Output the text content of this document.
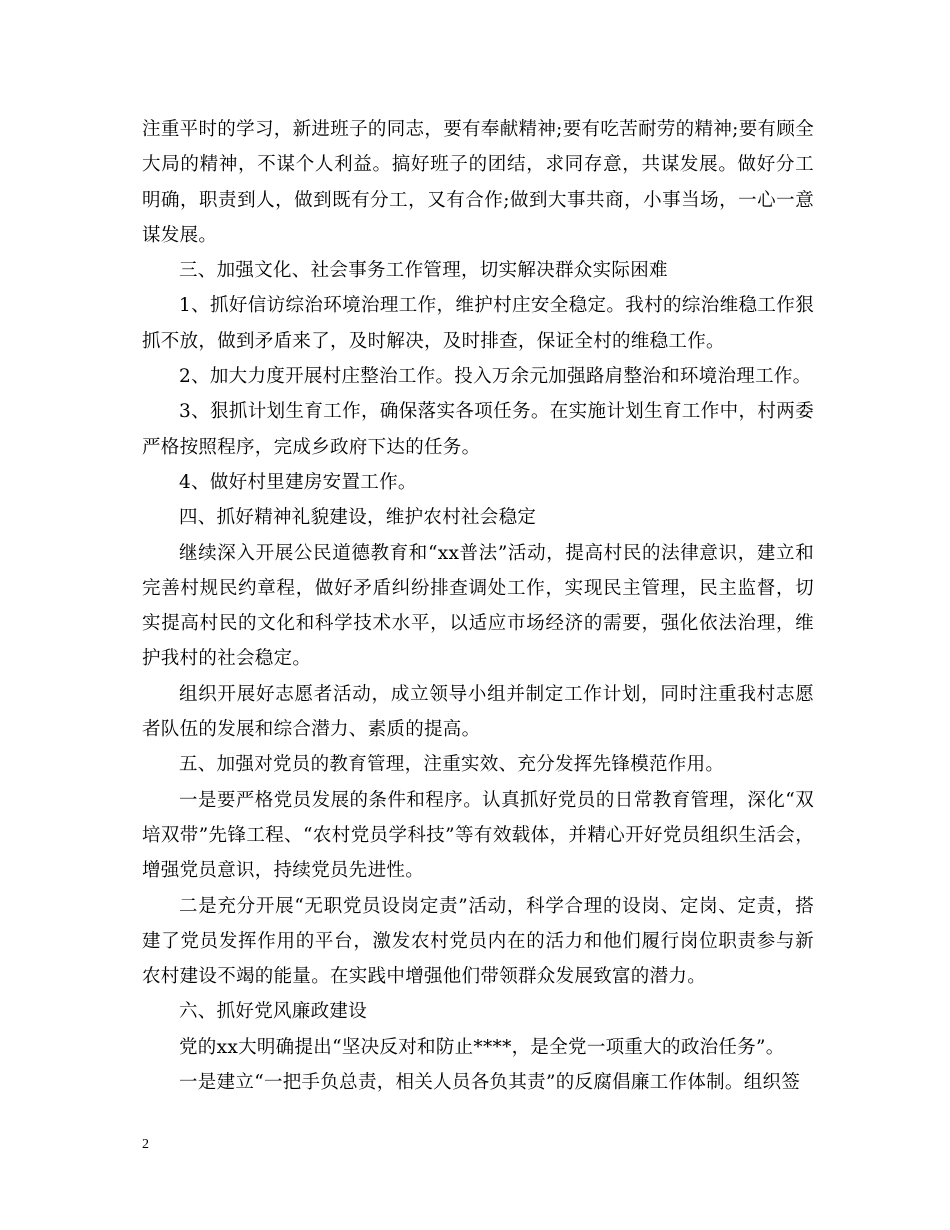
注重平时的学习，新进班子的同志，要有奉献精神;要有吃苦耐劳的精神;要有顾全大局的精神，不谋个人利益。搞好班子的团结，求同存意，共谋发展。做好分工明确，职责到人，做到既有分工，又有合作;做到大事共商，小事当场，一心一意谋发展。

三、加强文化、社会事务工作管理，切实解决群众实际困难

1、抓好信访综治环境治理工作，维护村庄安全稳定。我村的综治维稳工作狠抓不放，做到矛盾来了，及时解决，及时排查，保证全村的维稳工作。

2、加大力度开展村庄整治工作。投入万余元加强路肩整治和环境治理工作。

3、狠抓计划生育工作，确保落实各项任务。在实施计划生育工作中，村两委严格按照程序，完成乡政府下达的任务。

4、做好村里建房安置工作。

四、抓好精神礼貌建设，维护农村社会稳定

继续深入开展公民道德教育和“xx普法”活动，提高村民的法律意识，建立和完善村规民约章程，做好矛盾纠纷排查调处工作，实现民主管理，民主监督，切实提高村民的文化和科学技术水平，以适应市场经济的需要，强化依法治理，维护我村的社会稳定。

组织开展好志愿者活动，成立领导小组并制定工作计划，同时注重我村志愿者队伍的发展和综合潜力、素质的提高。

五、加强对党员的教育管理，注重实效、充分发挥先锋模范作用。

一是要严格党员发展的条件和程序。认真抓好党员的日常教育管理，深化“双培双带”先锋工程、“农村党员学科技”等有效载体，并精心开好党员组织生活会，增强党员意识，持续党员先进性。

二是充分开展“无职党员设岗定责”活动，科学合理的设岗、定岗、定责，搭建了党员发挥作用的平台，激发农村党员内在的活力和他们履行岗位职责参与新农村建设不竭的能量。在实践中增强他们带领群众发展致富的潜力。

六、抓好党风廉政建设

党的xx大明确提出“坚决反对和防止****，是全党一项重大的政治任务”。

一是建立“一把手负总责，相关人员各负其责”的反腐倡廉工作体制。组织签

2
